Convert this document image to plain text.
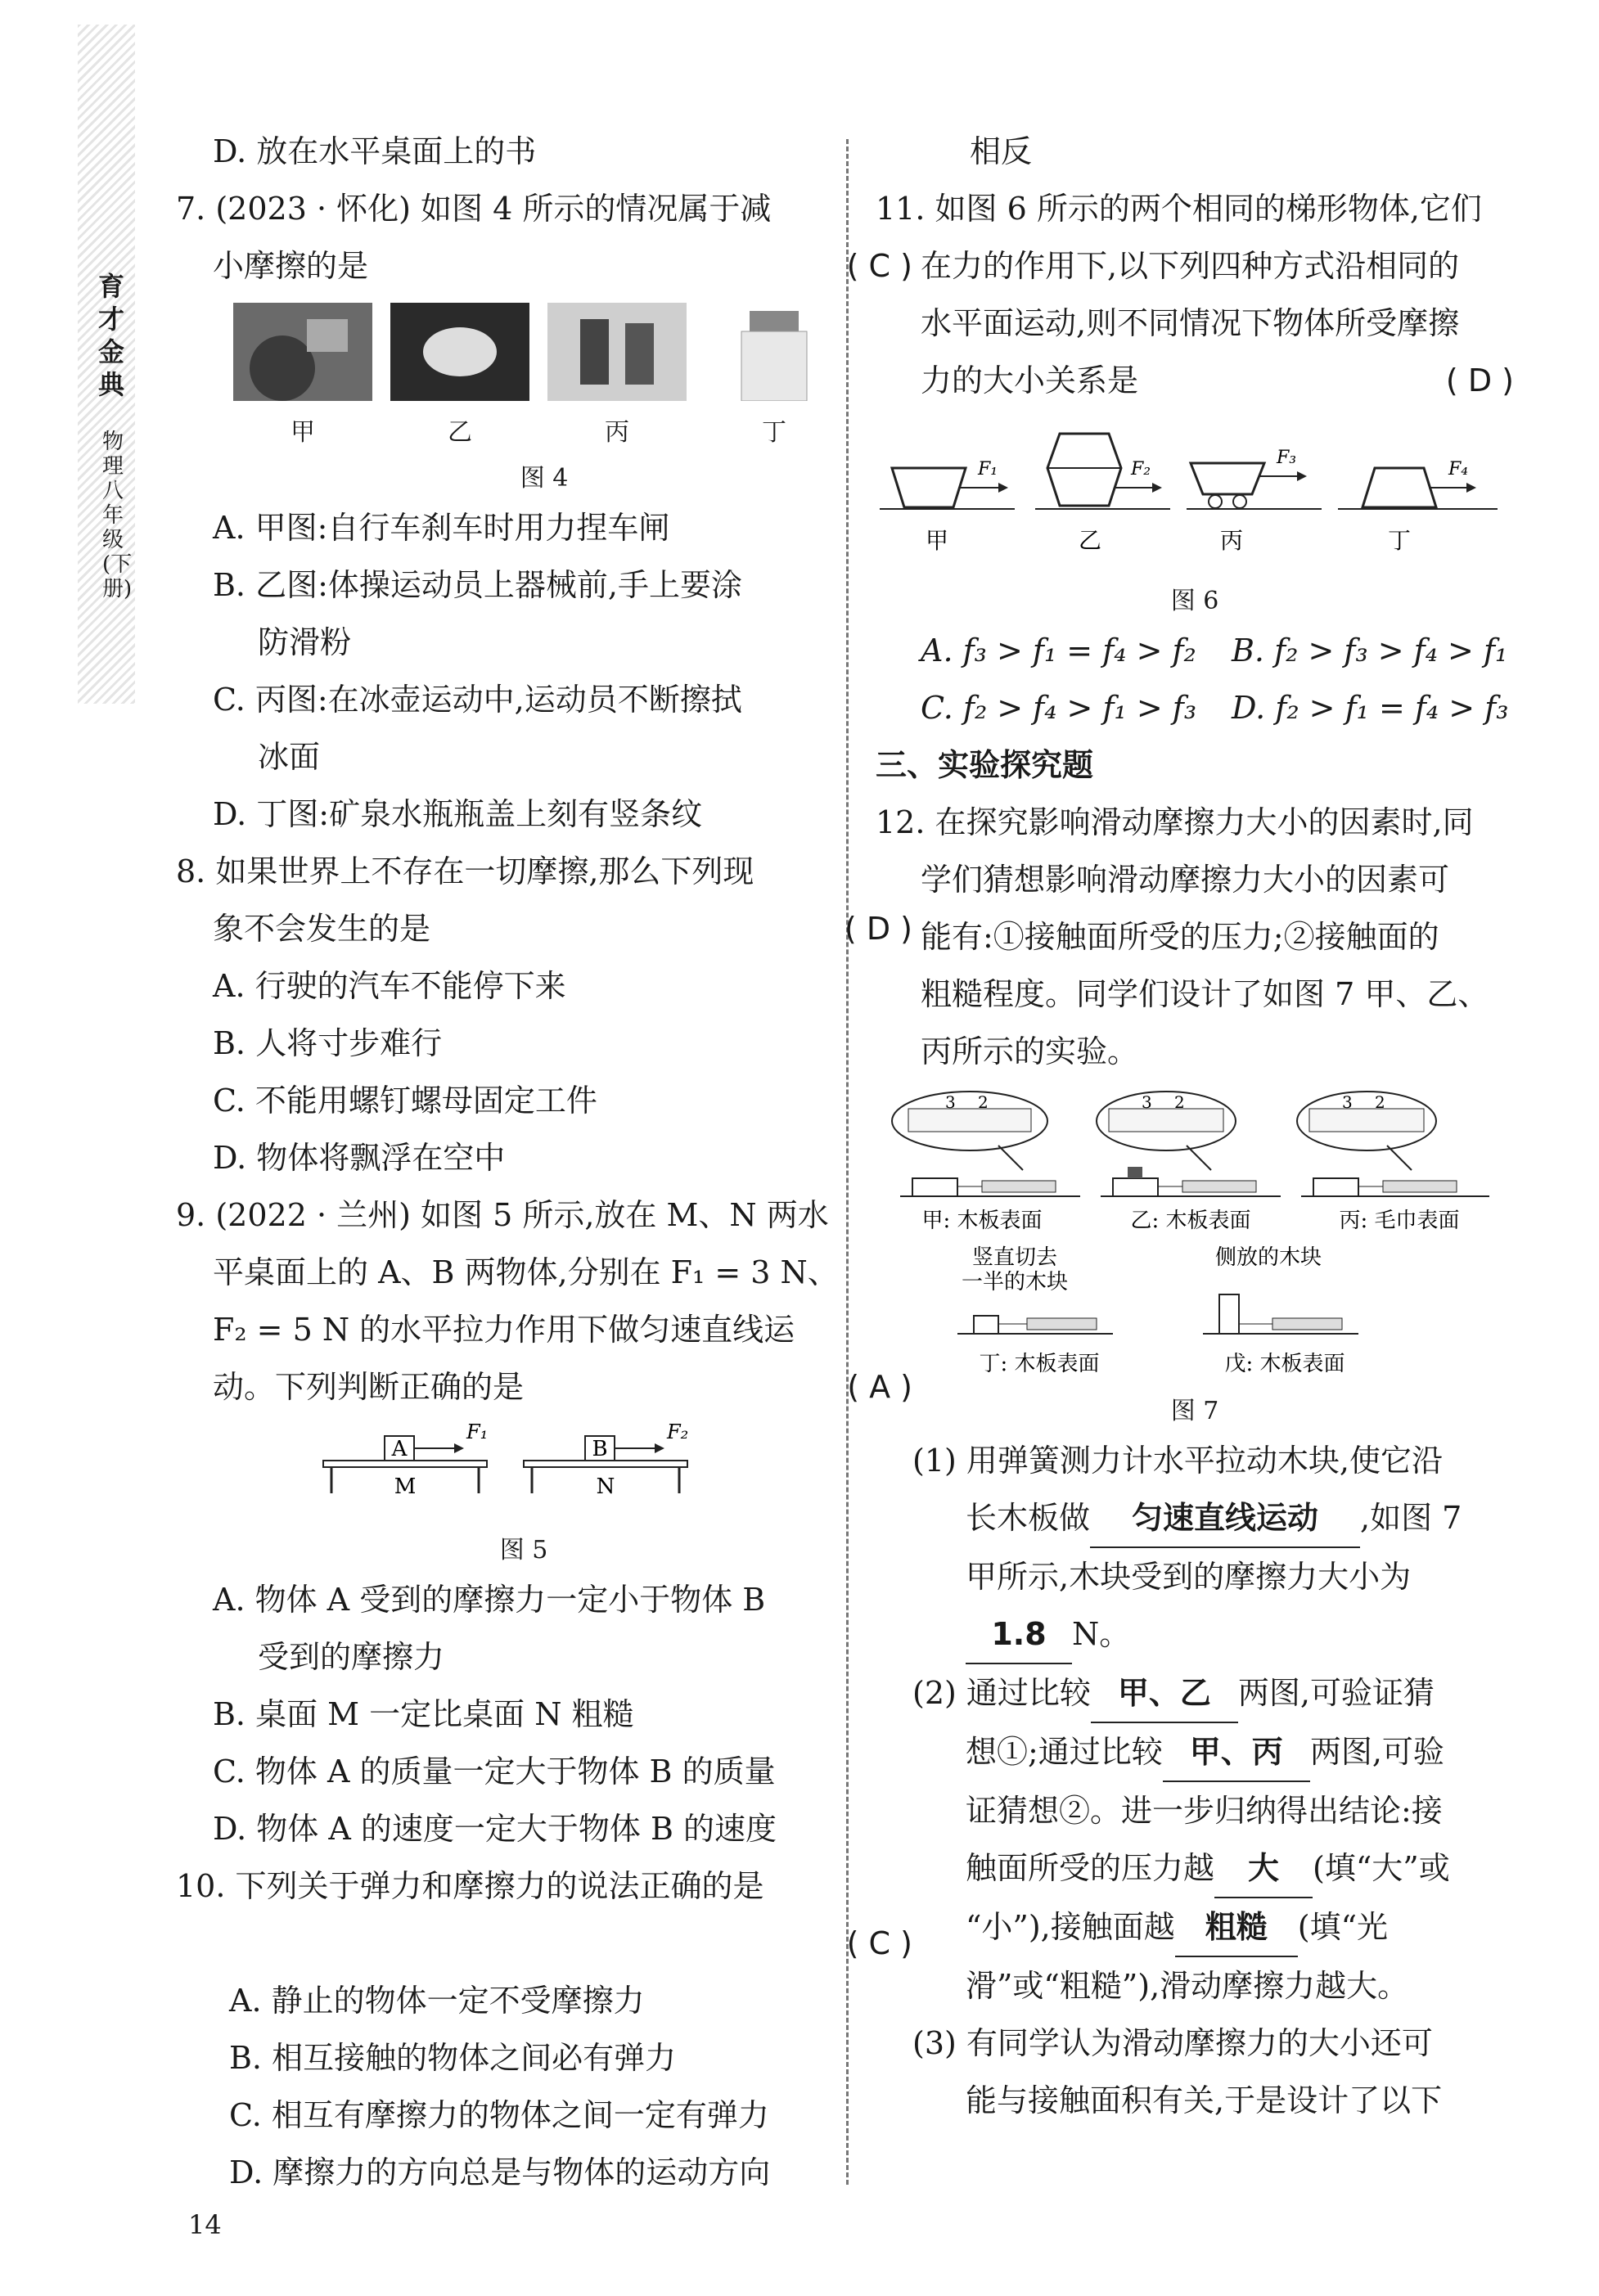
育才金典
物理 八年级(下册)
D. 放在水平桌面上的书
7. (2023 · 怀化) 如图 4 所示的情况属于减
小摩擦的是	( C )
甲	乙	丙	丁
图 4
A. 甲图:自行车刹车时用力捏车闸
B. 乙图:体操运动员上器械前,手上要涂
防滑粉
C. 丙图:在冰壶运动中,运动员不断擦拭
冰面
D. 丁图:矿泉水瓶瓶盖上刻有竖条纹
8. 如果世界上不存在一切摩擦,那么下列现
象不会发生的是	( D )
A. 行驶的汽车不能停下来
B. 人将寸步难行
C. 不能用螺钉螺母固定工件
D. 物体将飘浮在空中
9. (2022 · 兰州) 如图 5 所示,放在 M、N 两水
平桌面上的 A、B 两物体,分别在 F₁ = 3 N、
F₂ = 5 N 的水平拉力作用下做匀速直线运
动。下列判断正确的是	( A )
A
F₁
M
B
F₂
N
图 5
A. 物体 A 受到的摩擦力一定小于物体 B
受到的摩擦力
B. 桌面 M 一定比桌面 N 粗糙
C. 物体 A 的质量一定大于物体 B 的质量
D. 物体 A 的速度一定大于物体 B 的速度
10. 下列关于弹力和摩擦力的说法正确的是
( C )

A. 静止的物体一定不受摩擦力
B. 相互接触的物体之间必有弹力
C. 相互有摩擦力的物体之间一定有弹力
D. 摩擦力的方向总是与物体的运动方向
相反
11. 如图 6 所示的两个相同的梯形物体,它们
在力的作用下,以下列四种方式沿相同的
水平面运动,则不同情况下物体所受摩擦
力的大小关系是	( D )
F₁
甲
F₂
乙
F₃
丙
F₄
丁
图 6
A. f₃ > f₁ = f₄ > f₂ B. f₂ > f₃ > f₄ > f₁
C. f₂ > f₄ > f₁ > f₃ D. f₂ > f₁ = f₄ > f₃
三、实验探究题
12. 在探究影响滑动摩擦力大小的因素时,同
学们猜想影响滑动摩擦力大小的因素可
能有:①接触面所受的压力;②接触面的
粗糙程度。同学们设计了如图 7 甲、乙、
丙所示的实验。
3 2
甲: 木板表面
3 2
乙: 木板表面
3 2
丙: 毛巾表面
竖直切去
一半的木块
丁: 木板表面
侧放的木块
戊: 木板表面
图 7
(1) 用弹簧测力计水平拉动木块,使它沿
长木板做 匀速直线运动 ,如图 7
甲所示,木块受到的摩擦力大小为
1.8 N。
(2) 通过比较 甲、乙 两图,可验证猜
想①;通过比较 甲、丙 两图,可验
证猜想②。进一步归纳得出结论:接
触面所受的压力越 大 (填“大”或
“小”),接触面越 粗糙 (填“光
滑”或“粗糙”),滑动摩擦力越大。
(3) 有同学认为滑动摩擦力的大小还可
能与接触面积有关,于是设计了以下
14
